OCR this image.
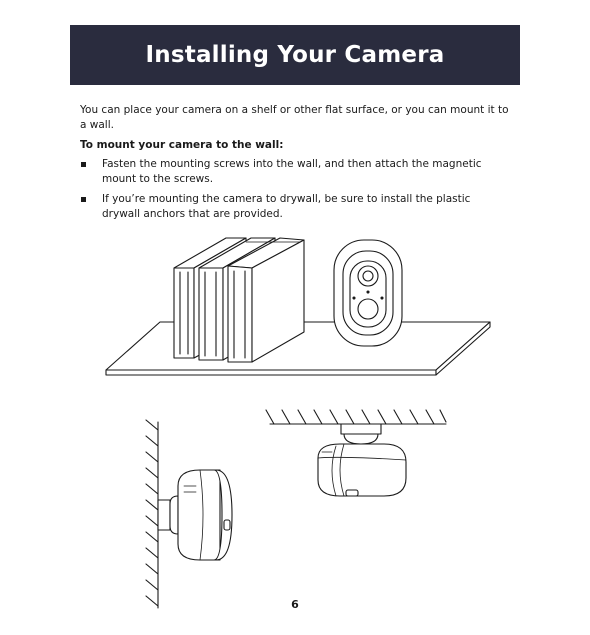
Installing Your Camera
You can place your camera on a shelf or other flat surface, or you can mount it to a wall.
To mount your camera to the wall:
Fasten the mounting screws into the wall, and then attach the magnetic mount to the screws.
If you’re mounting the camera to drywall, be sure to install the plastic drywall anchors that are provided.
6
